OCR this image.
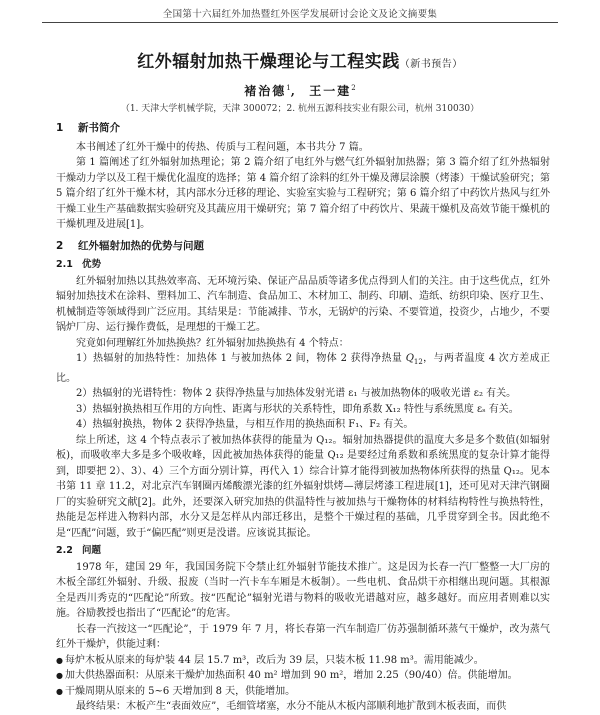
全国第十六届红外加热暨红外医学发展研讨会论文及论文摘要集
红外辐射加热干燥理论与工程实践（新书预告）
褚治德$^1$,  王一建$^2$
（1. 天津大学机械学院，天津 300072；2. 杭州五源科技实业有限公司，杭州 310030）
1 新书简介

本书阐述了红外干燥中的传热、传质与工程问题，本书共分 7 篇。

第 1 篇阐述了红外辐射加热理论；第 2 篇介绍了电红外与燃气红外辐射加热器；第 3 篇介绍了红外热辐射干燥动力学以及工程干燥优化温度的选择；第 4 篇介绍了涂料的红外干燥及薄层涂膜（烤漆）干燥试验研究；第 5 篇介绍了红外干燥木材，其内部水分迁移的理论、实验室实验与工程研究；第 6 篇介绍了中药饮片热风与红外干燥工业生产基础数据实验研究及其蔬应用干燥研究；第 7 篇介绍了中药饮片、果蔬干燥机及高效节能干燥机的干燥机理及进展[1]。

2 红外辐射加热的优势与问题
2.1 优势

红外辐射加热以其热效率高、无环境污染、保证产品品质等诸多优点得到人们的关注。由于这些优点，红外辐射加热技术在涂料、塑料加工、汽车制造、食品加工、木材加工、制药、印刷、造纸、纺织印染、医疗卫生、机械制造等领域得到广泛应用。其结果是：节能减排、节水，无锅炉的污染、不要管道，投资少，占地少，不要锅炉厂房、运行操作费低，是理想的干燥工艺。

究竟如何理解红外加热换热？红外辐射加热换热有 4 个特点：

1）热辐射的加热特性：加热体 1 与被加热体 2 间，物体 2 获得净热量 $Q_{12}$，与两者温度 4 次方差成正比。

2）热辐射的光谱特性：物体 2 获得净热量与加热体发射光谱 ε₁ 与被加热物体的吸收光谱 ε₂ 有关。

3）热辐射换热相互作用的方向性、距离与形状的关系特性，即角系数 X₁₂ 特性与系统黑度 εₛ 有关。

4）热辐射换热，物体 2 获得净热量，与相互作用的换热面积 F₁、F₂ 有关。

综上所述，这 4 个特点表示了被加热体获得的能量为 Q₁₂。辐射加热器提供的温度大多是多个数值(如辐射板)，而吸收率大多是多个吸收峰，因此被加热体获得的能量 Q₁₂ 是要经过角系数和系统黑度的复杂计算才能得到，即要把 2）、3）、4）三个方面分别计算，再代入 1）综合计算才能得到被加热物体所获得的热量 Q₁₂。见本书第 11 章 11.2，对北京汽车钢圈丙烯酸漂光漆的红外辐射烘烤—薄层烤漆工程进展[1]，还可见对天津汽钢圈厂的实验研究文献[2]。此外，还要深入研究加热的供温特性与被加热与干燥物体的材料结构特性与换热特性，热能是怎样进入物料内部，水分又是怎样从内部迁移出，是整个干燥过程的基础，几乎贯穿到全书。因此绝不是“匹配”问题，致于“偏匹配”则更是没谱。应该说其振论。

2.2 问题

1978 年，建国 29 年，我国国务院下令禁止红外辐射节能技术推广。这是因为长春一汽厂整整一大厂房的木板全部红外辐射、升级、报废（当时一汽卡车车厢是木板制）。一些电机、食品烘干亦相继出现问题。其根源全是西川秀克的“匹配论”所致。按“匹配论”辐射光谱与物料的吸收光谱越对应，越多越好。而应用者则难以实施。谷励教授也指出了“匹配论”的危害。

长春一汽按这一“匹配论”，于 1979 年 7 月，将长春第一汽车制造厂仿苏强制循环蒸气干燥炉，改为蒸气红外干燥炉，供能过剩：

● 每炉木板从原来的每炉装 44 层 15.7 m³，改后为 39 层，只装木板 11.98 m³。需用能减少。

● 加大供热器面积：从原来干燥炉加热面积 40 m² 增加到 90 m²，增加 2.25（90/40）倍。供能增加。

● 干燥周期从原来的 5~6 天增加到 8 天，供能增加。

最终结果：木板产生“表面效应”，毛细管堵塞，水分不能从木板内部顺利地扩散到木板表面，而供
